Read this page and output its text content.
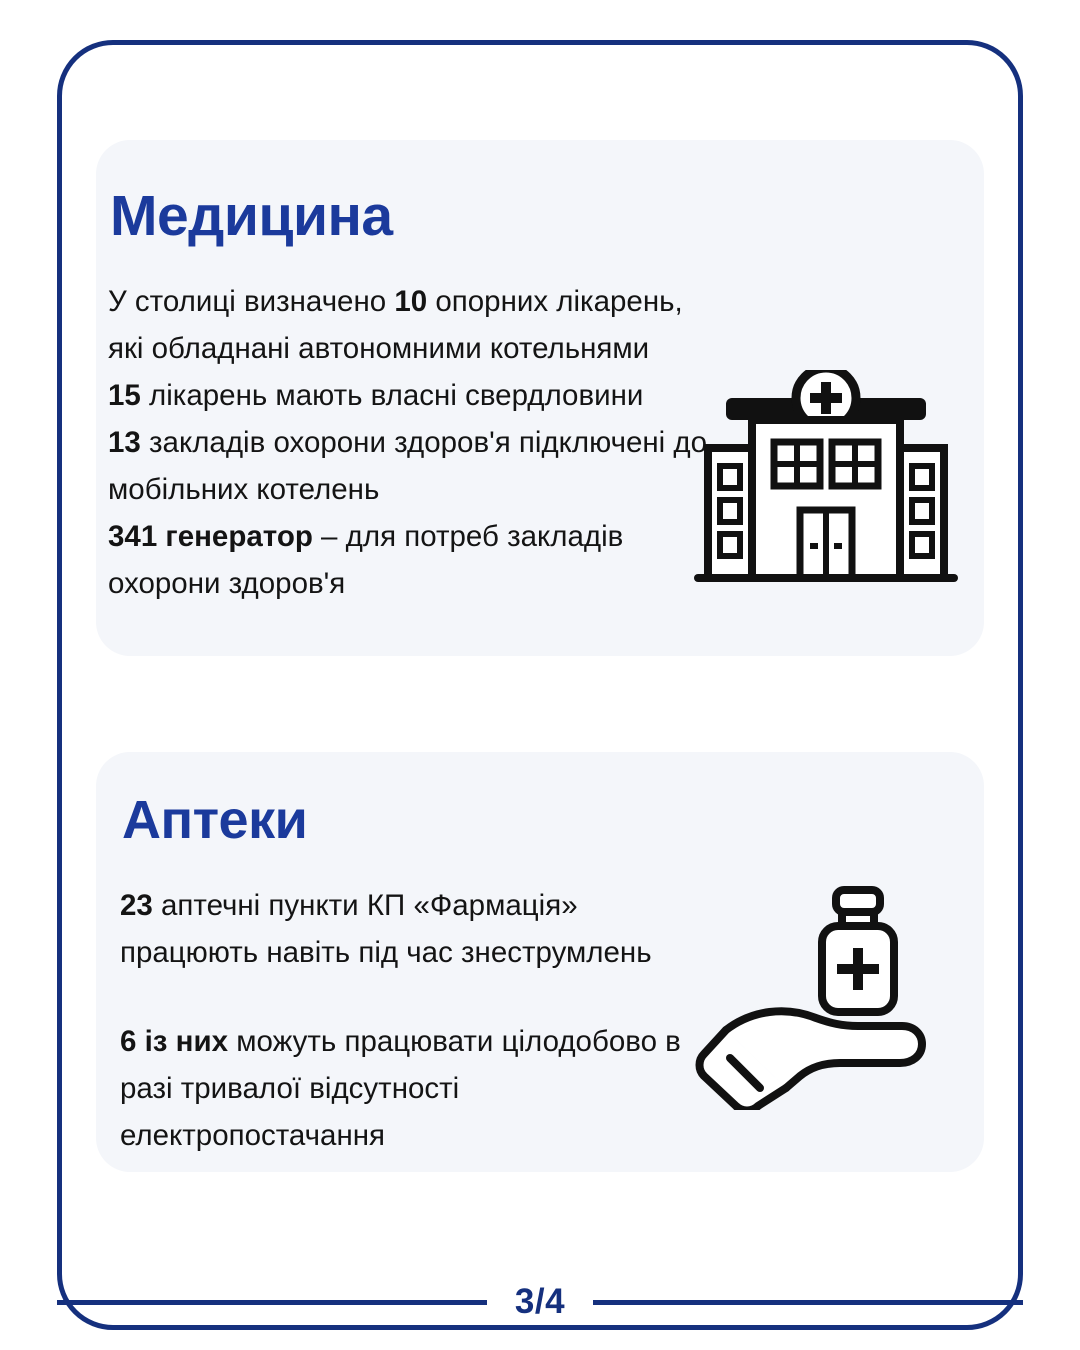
Медицина
У столиці визначено 10 опорних лікарень, які обладнані автономними котельнями
15 лікарень мають власні свердловини
13 закладів охорони здоров'я підключені до мобільних котелень
341 генератор – для потреб закладів охорони здоров'я
Аптеки
23 аптечні пункти КП «Фармація» працюють навіть під час знеструмлень
6 із них можуть працювати цілодобово в разі тривалої відсутності електропостачання
3/4
